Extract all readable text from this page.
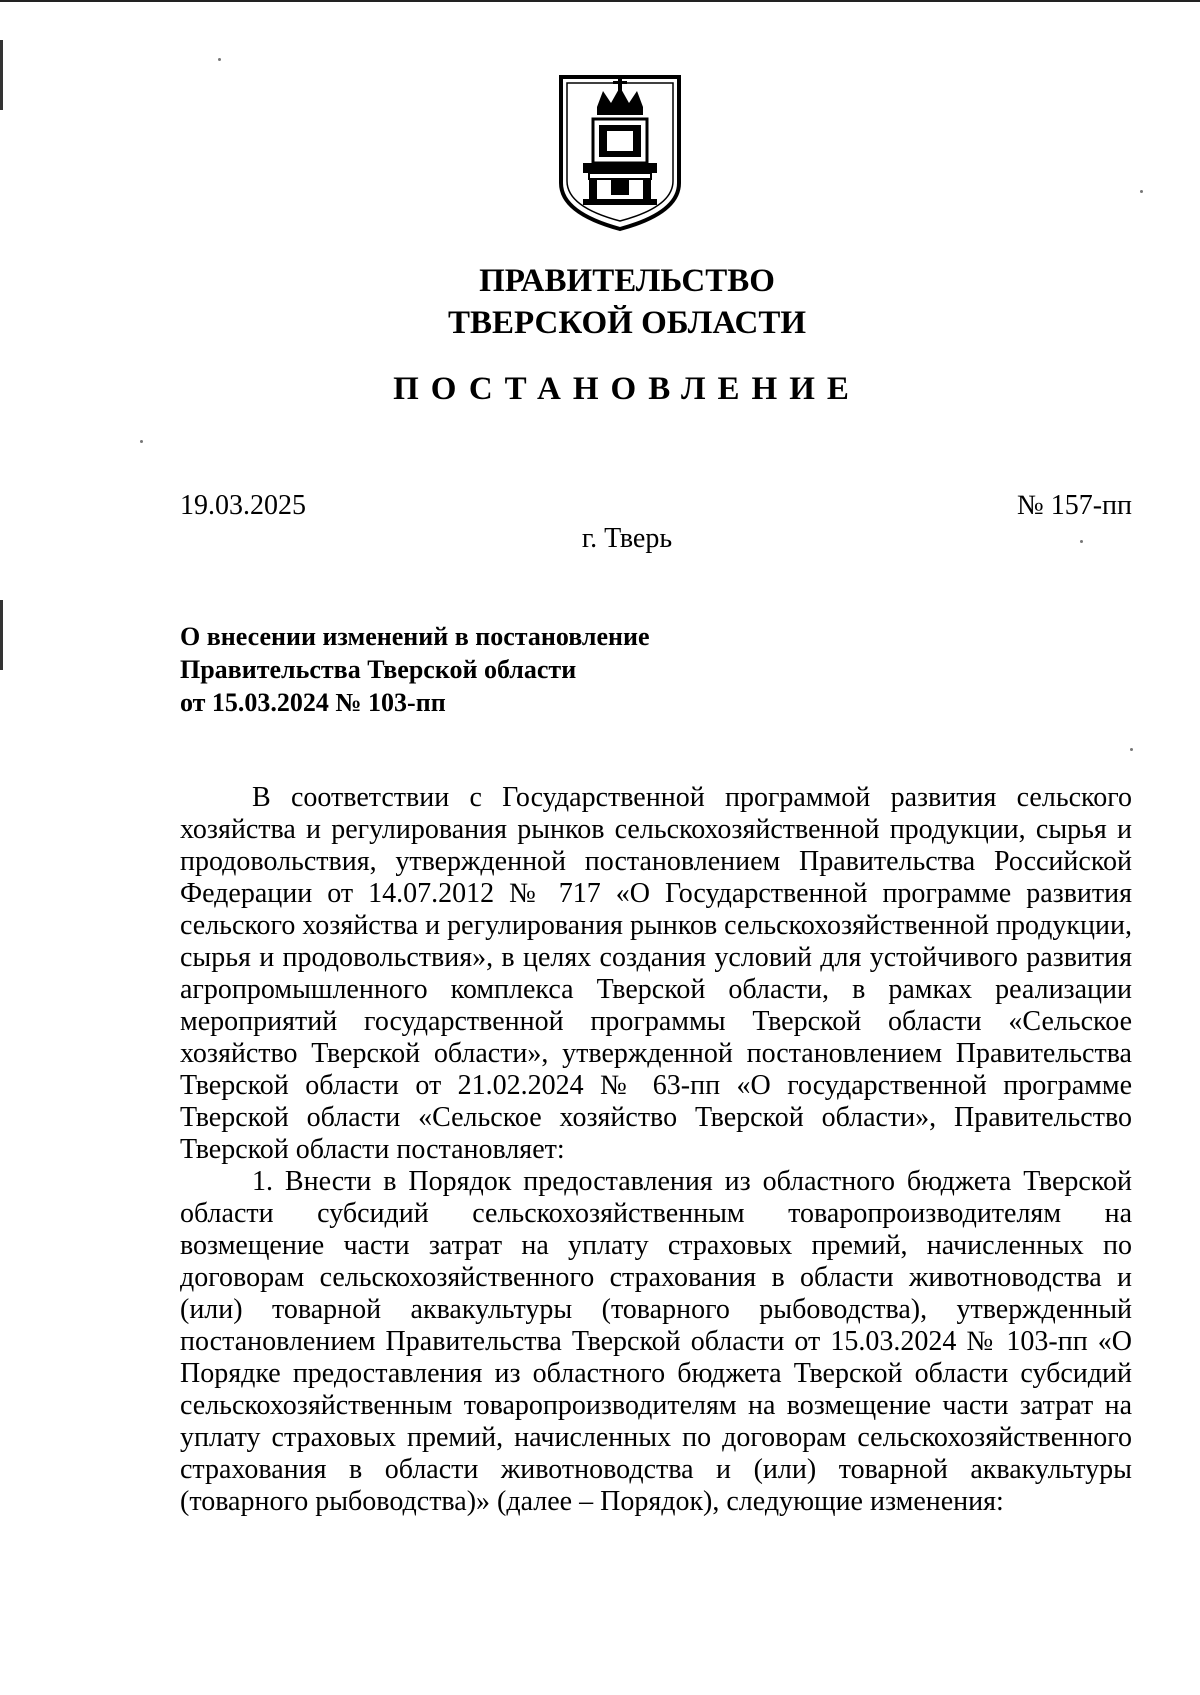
ПРАВИТЕЛЬСТВО
ТВЕРСКОЙ ОБЛАСТИ
ПОСТАНОВЛЕНИЕ
19.03.2025	№ 157-пп
г. Тверь
О внесении изменений в постановление
Правительства Тверской области
от 15.03.2024 № 103-пп

В соответствии с Государственной программой развития сельского хозяйства и регулирования рынков сельскохозяйственной продукции, сырья и продовольствия, утвержденной постановлением Правительства Российской Федерации от 14.07.2012 № 717 «О Государственной программе развития сельского хозяйства и регулирования рынков сельскохозяйственной продукции, сырья и продовольствия», в целях создания условий для устойчивого развития агропромышленного комплекса Тверской области, в рамках реализации мероприятий государственной программы Тверской области «Сельское хозяйство Тверской области», утвержденной постановлением Правительства Тверской области от 21.02.2024 № 63-пп «О государственной программе Тверской области «Сельское хозяйство Тверской области», Правительство Тверской области постановляет:

1. Внести в Порядок предоставления из областного бюджета Тверской области субсидий сельскохозяйственным товаропроизводителям на возмещение части затрат на уплату страховых премий, начисленных по договорам сельскохозяйственного страхования в области животноводства и (или) товарной аквакультуры (товарного рыбоводства), утвержденный постановлением Правительства Тверской области от 15.03.2024 № 103-пп «О Порядке предоставления из областного бюджета Тверской области субсидий сельскохозяйственным товаропроизводителям на возмещение части затрат на уплату страховых премий, начисленных по договорам сельскохозяйственного страхования в области животноводства и (или) товарной аквакультуры (товарного рыбоводства)» (далее – Порядок), следующие изменения:
